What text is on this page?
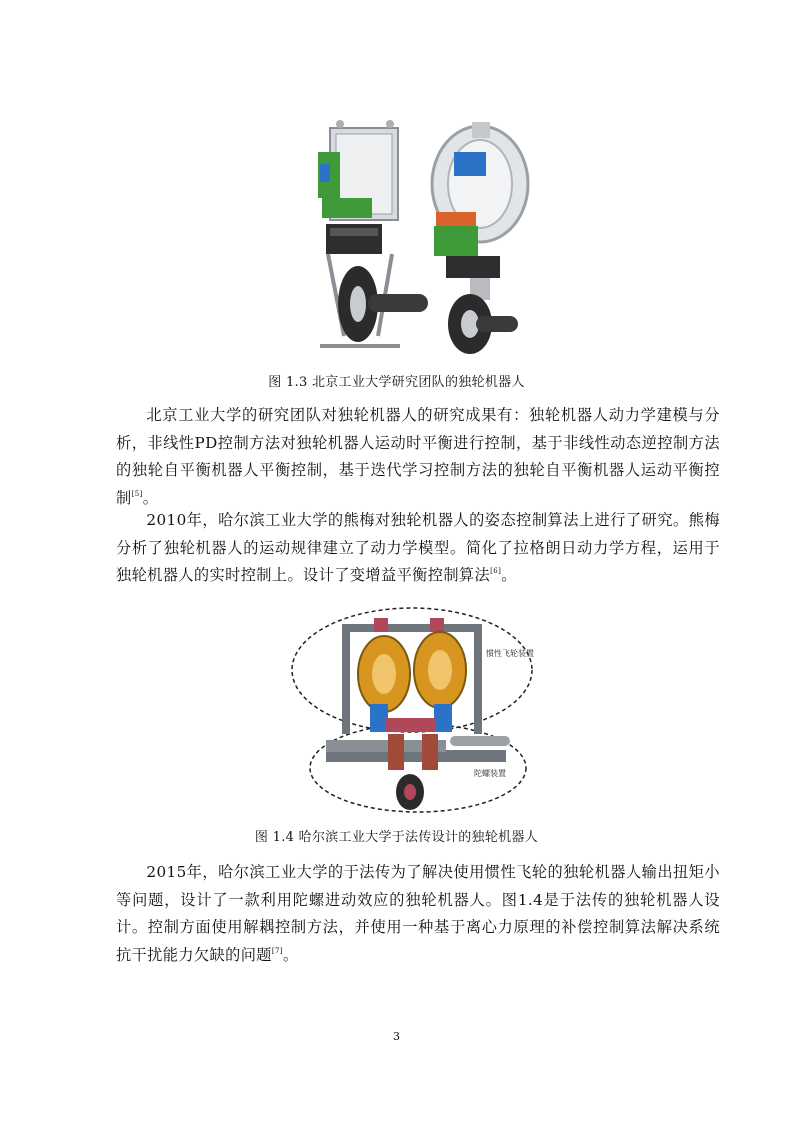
图 1.3 北京工业大学研究团队的独轮机器人

北京工业大学的研究团队对独轮机器人的研究成果有：独轮机器人动力学建模与分析，非线性PD控制方法对独轮机器人运动时平衡进行控制，基于非线性动态逆控制方法的独轮自平衡机器人平衡控制，基于迭代学习控制方法的独轮自平衡机器人运动平衡控制[5]。

2010年，哈尔滨工业大学的熊梅对独轮机器人的姿态控制算法上进行了研究。熊梅分析了独轮机器人的运动规律建立了动力学模型。简化了拉格朗日动力学方程，运用于独轮机器人的实时控制上。设计了变增益平衡控制算法[6]。

惯性飞轮装置
陀螺装置
图 1.4 哈尔滨工业大学于法传设计的独轮机器人

2015年，哈尔滨工业大学的于法传为了解决使用惯性飞轮的独轮机器人输出扭矩小等问题，设计了一款利用陀螺进动效应的独轮机器人。图1.4是于法传的独轮机器人设计。控制方面使用解耦控制方法，并使用一种基于离心力原理的补偿控制算法解决系统抗干扰能力欠缺的问题[7]。

3
